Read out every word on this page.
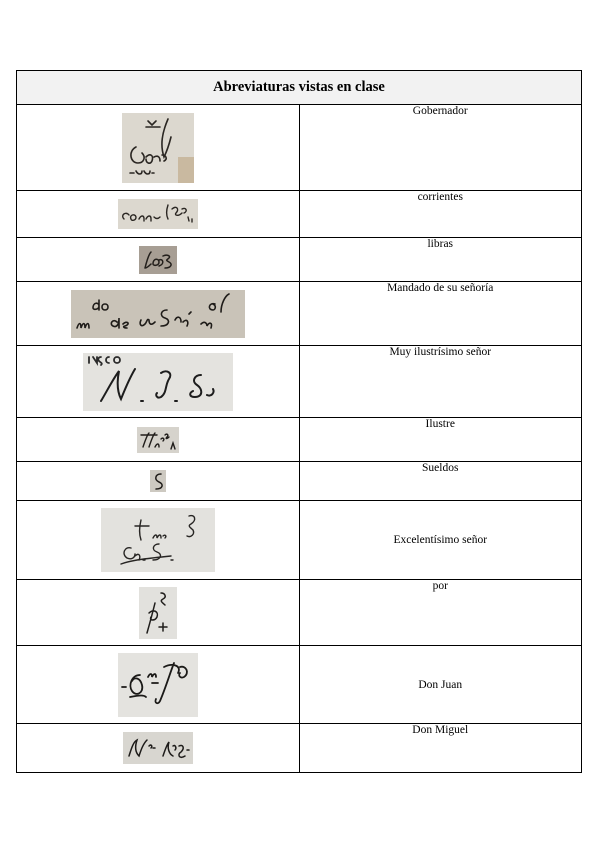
Abreviaturas vistas en clase	

	Gobernador

	corrientes

	libras

	Mandado de su señoría

	Muy ilustrísimo señor

	Ilustre

	Sueldos

	Excelentísimo señor

	por

	Don Juan

	Don Miguel
